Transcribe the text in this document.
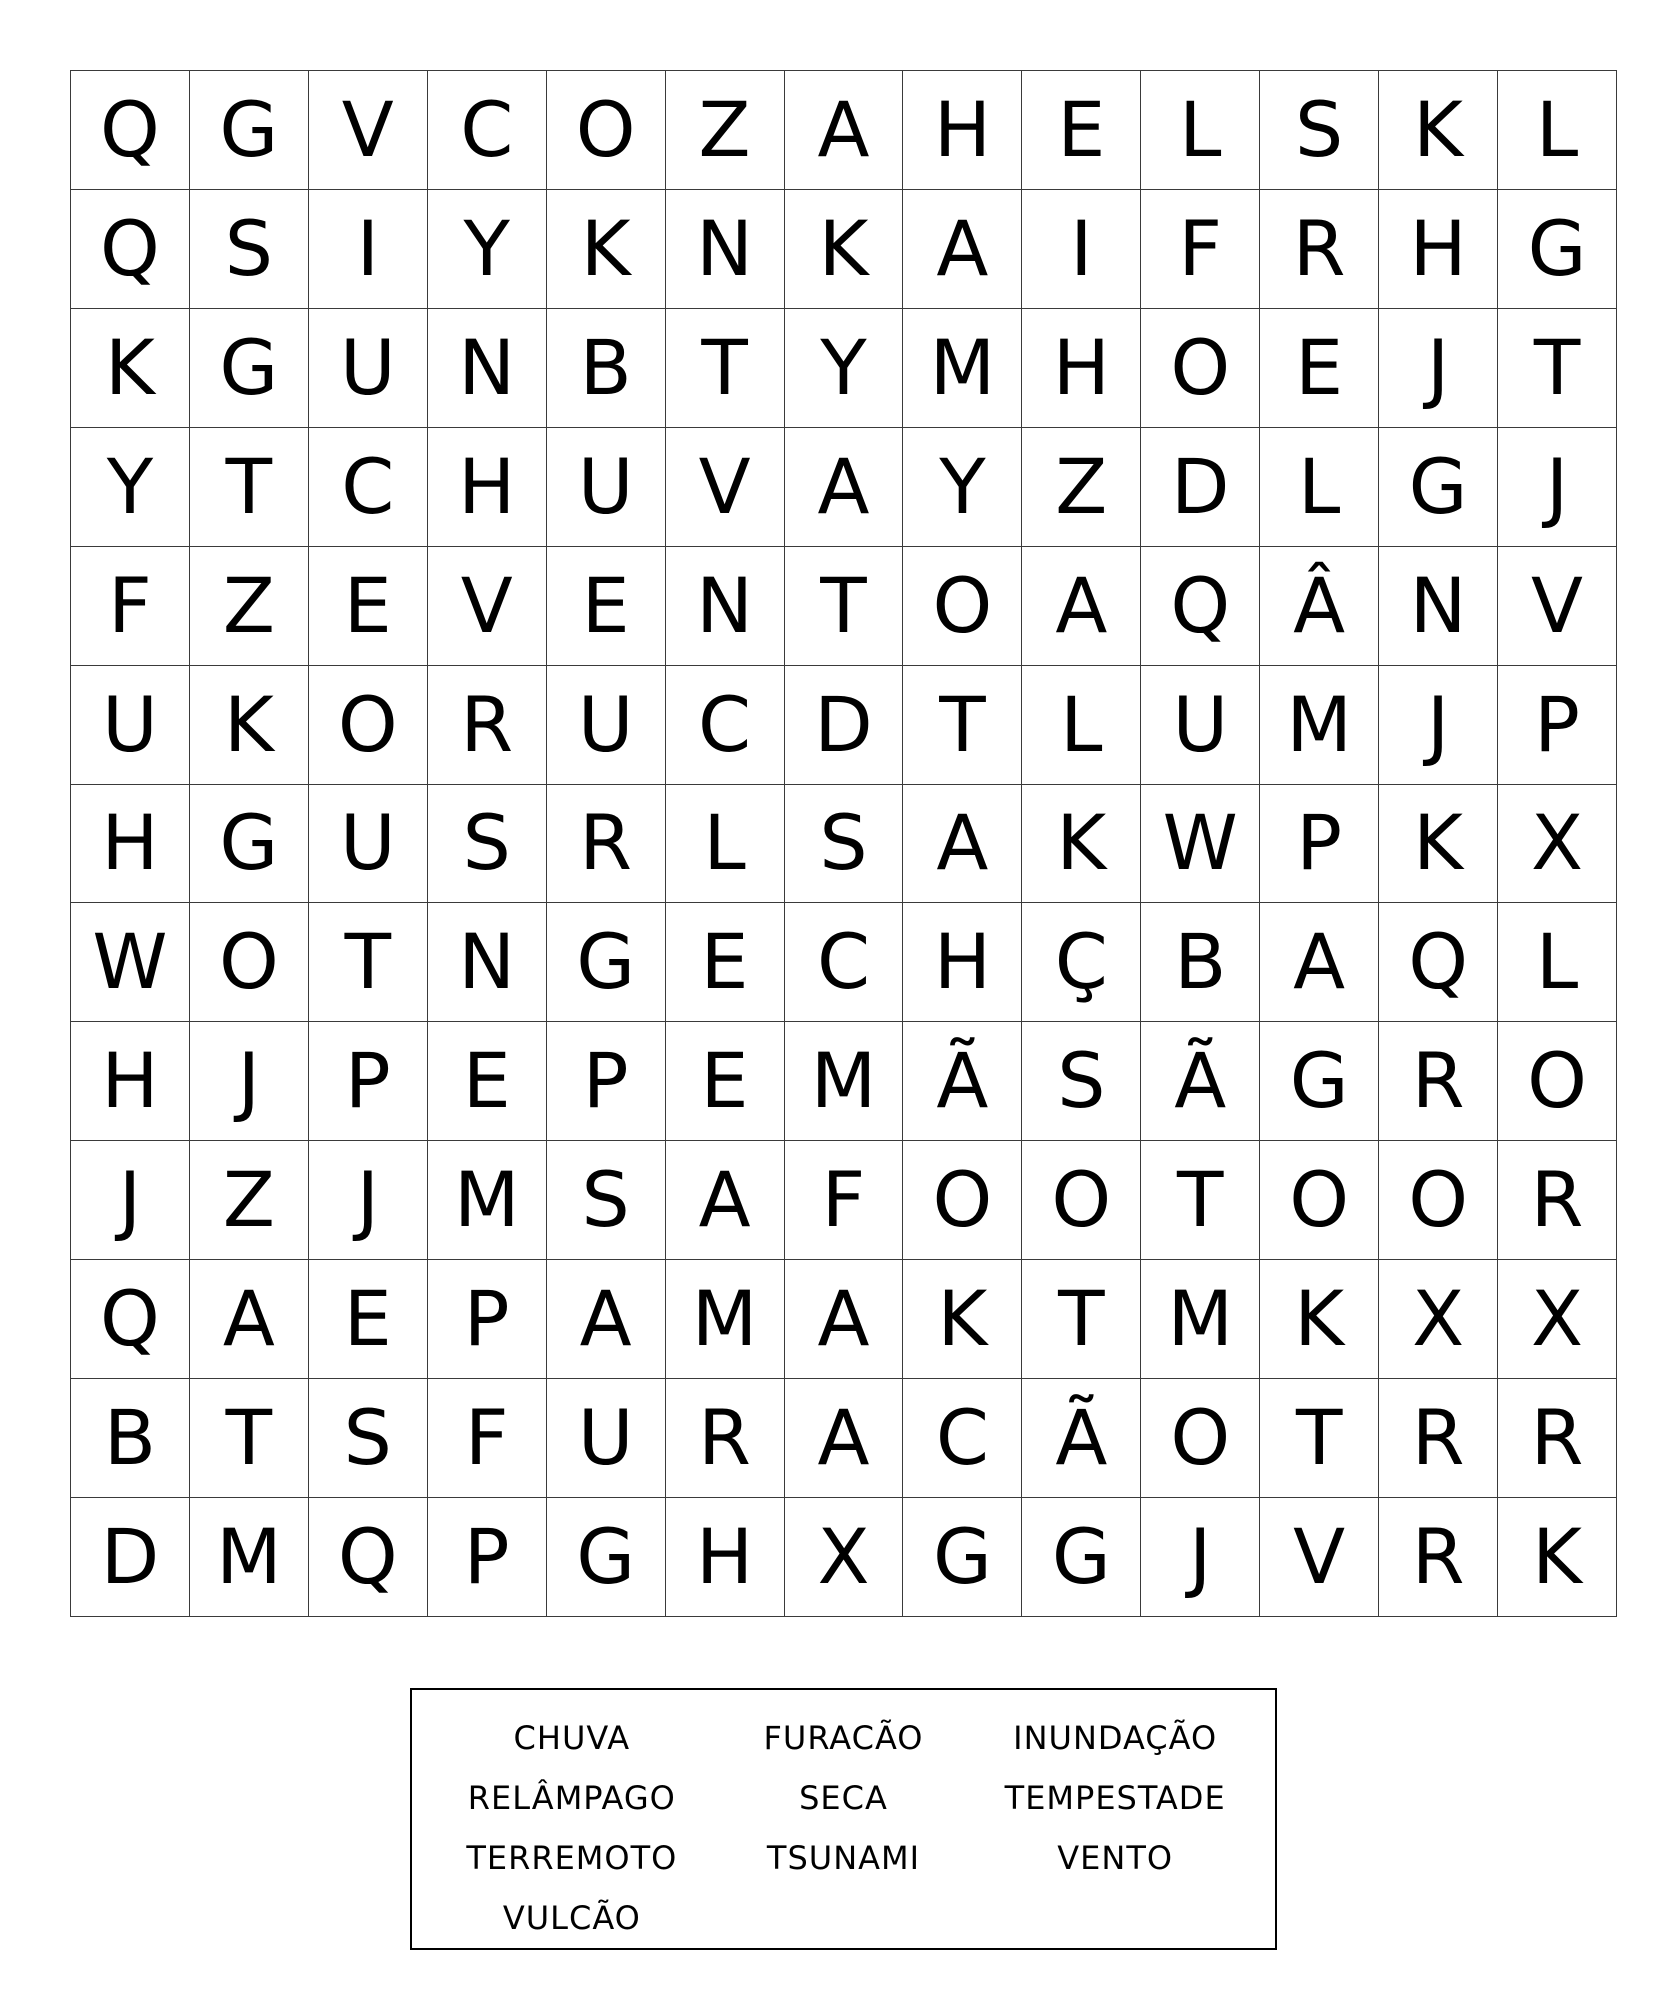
Q G V C O Z A H E L S K L
Q S	I	Y K N K A	I	F R H G
K G U N B T Y M H O E	J	T
Y T C H U V A Y Z D L G	J
F Z E V E N T O A Q Â N V
U K O R U C D T L U M J	P
H G U S R L S A K W P K X
W O T N G E C H Ç B A Q L
H	J	P E P E M Ã S Ã G R O
J	Z	J M S A F O O T O O R
Q A E P A M A K T M K X X
B T S F U R A C Ã O T R R
D M Q P G H X G G	J	V R K
CHUVA	FURACÃO	INUNDAÇÃO
RELÂMPAGO	SECA	TEMPESTADE
TERREMOTO	TSUNAMI	VENTO
VULCÃO
